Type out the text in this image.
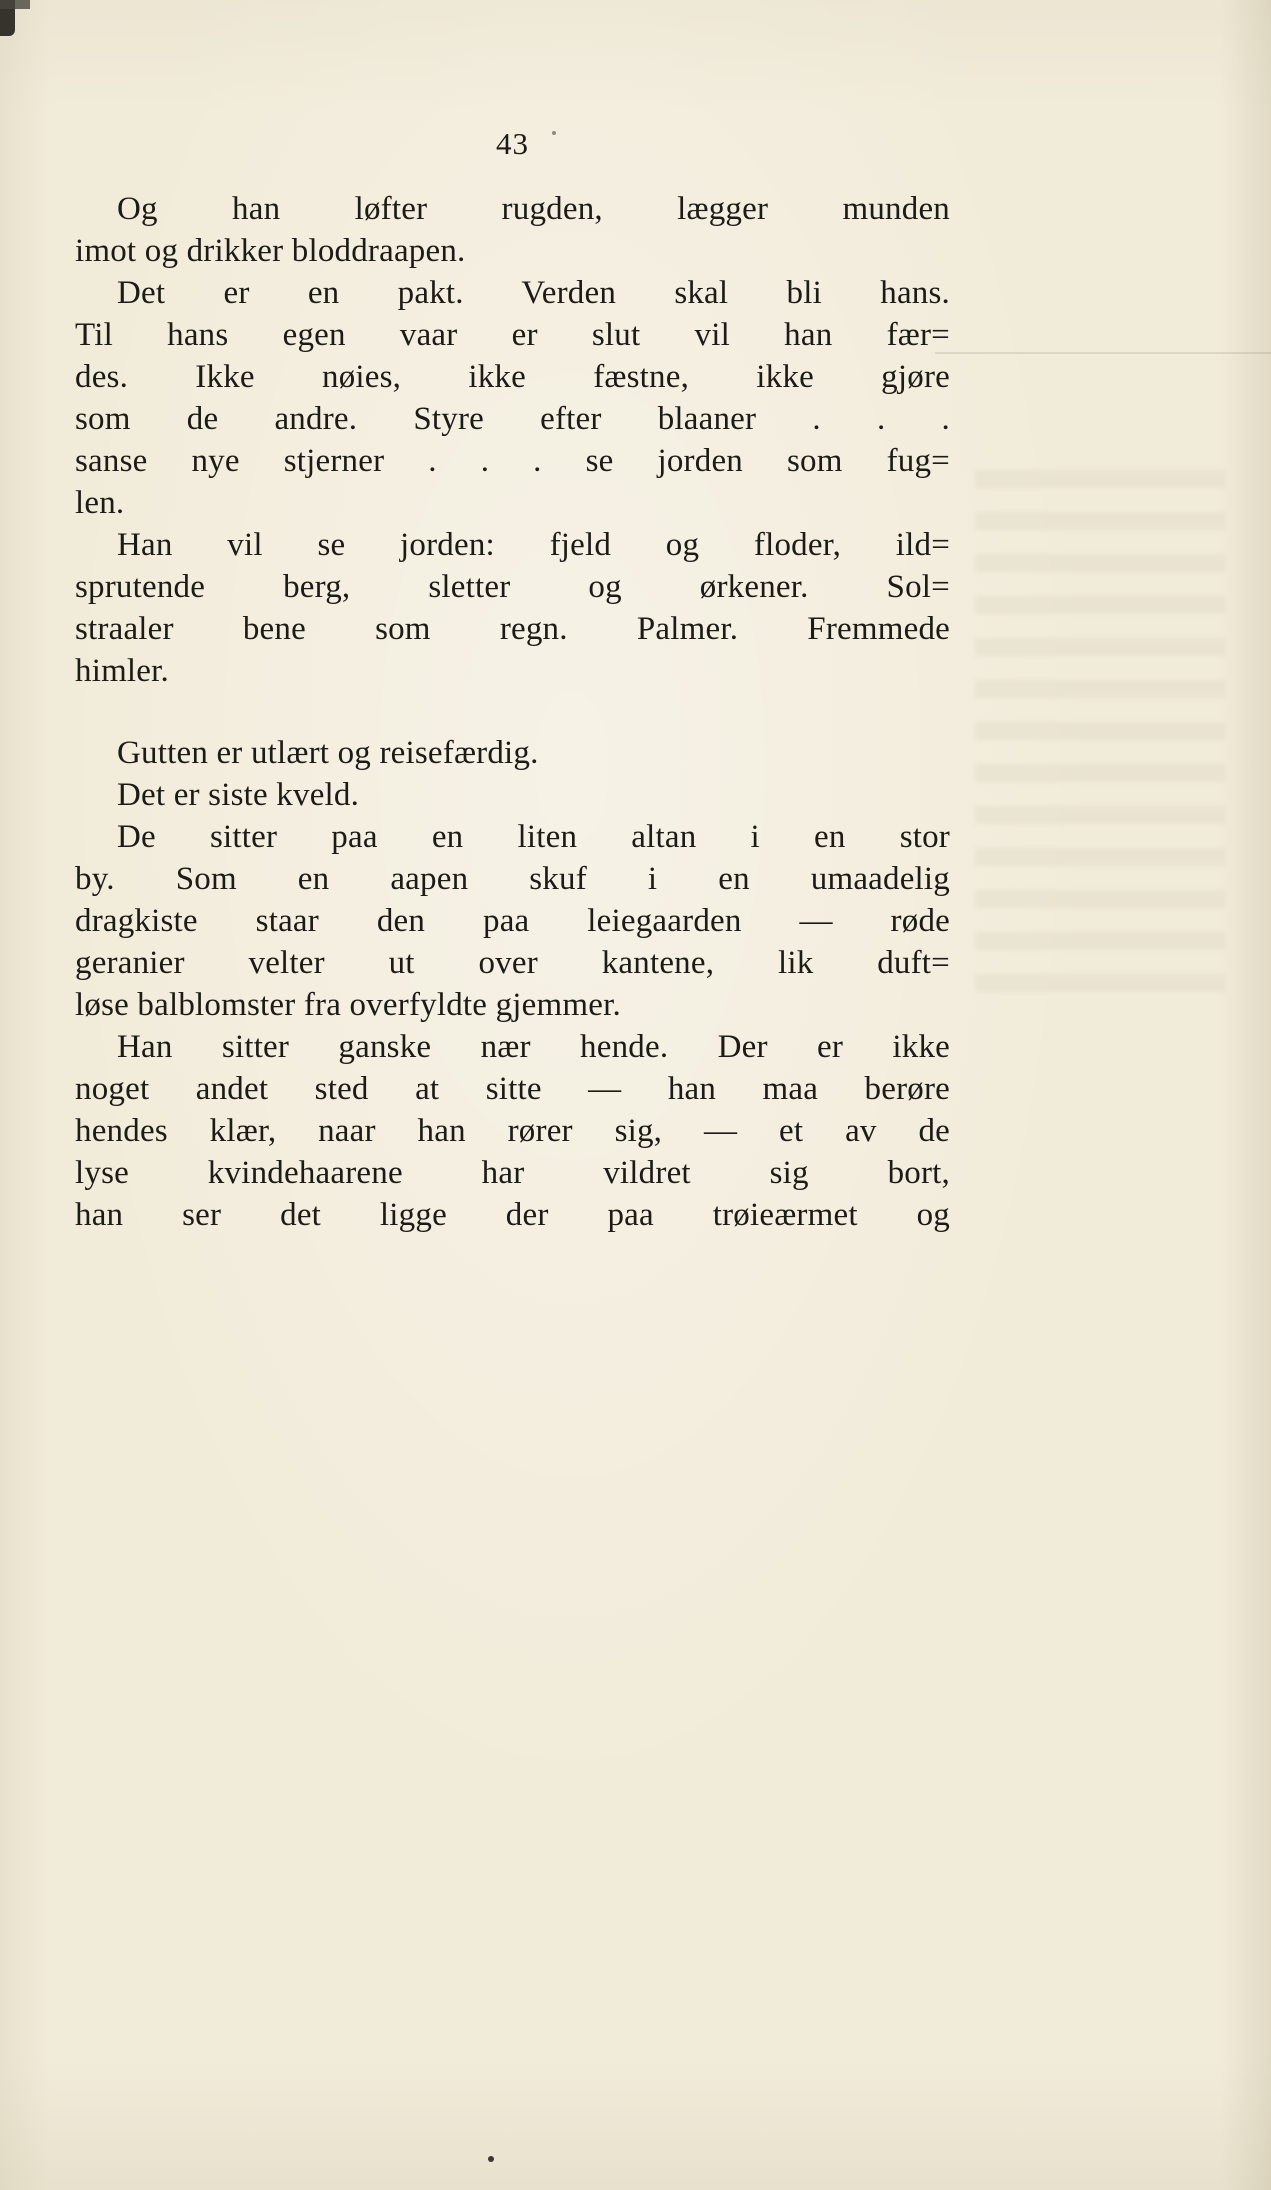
43
Og han løfter rugden, lægger munden
imot og drikker bloddraapen.
Det er en pakt. Verden skal bli hans.
Til hans egen vaar er slut vil han fær=
des. Ikke nøies, ikke fæstne, ikke gjøre
som de andre. Styre efter blaaner . . .
sanse nye stjerner . . . se jorden som fug=
len.
Han vil se jorden: fjeld og floder, ild=
sprutende berg, sletter og ørkener. Sol=
straaler bene som regn. Palmer. Fremmede
himler.
Gutten er utlært og reisefærdig.
Det er siste kveld.
De sitter paa en liten altan i en stor
by. Som en aapen skuf i en umaadelig
dragkiste staar den paa leiegaarden — røde
geranier velter ut over kantene, lik duft=
løse balblomster fra overfyldte gjemmer.
Han sitter ganske nær hende. Der er ikke
noget andet sted at sitte — han maa berøre
hendes klær, naar han rører sig, — et av de
lyse kvindehaarene har vildret sig bort,
han ser det ligge der paa trøieærmet og
